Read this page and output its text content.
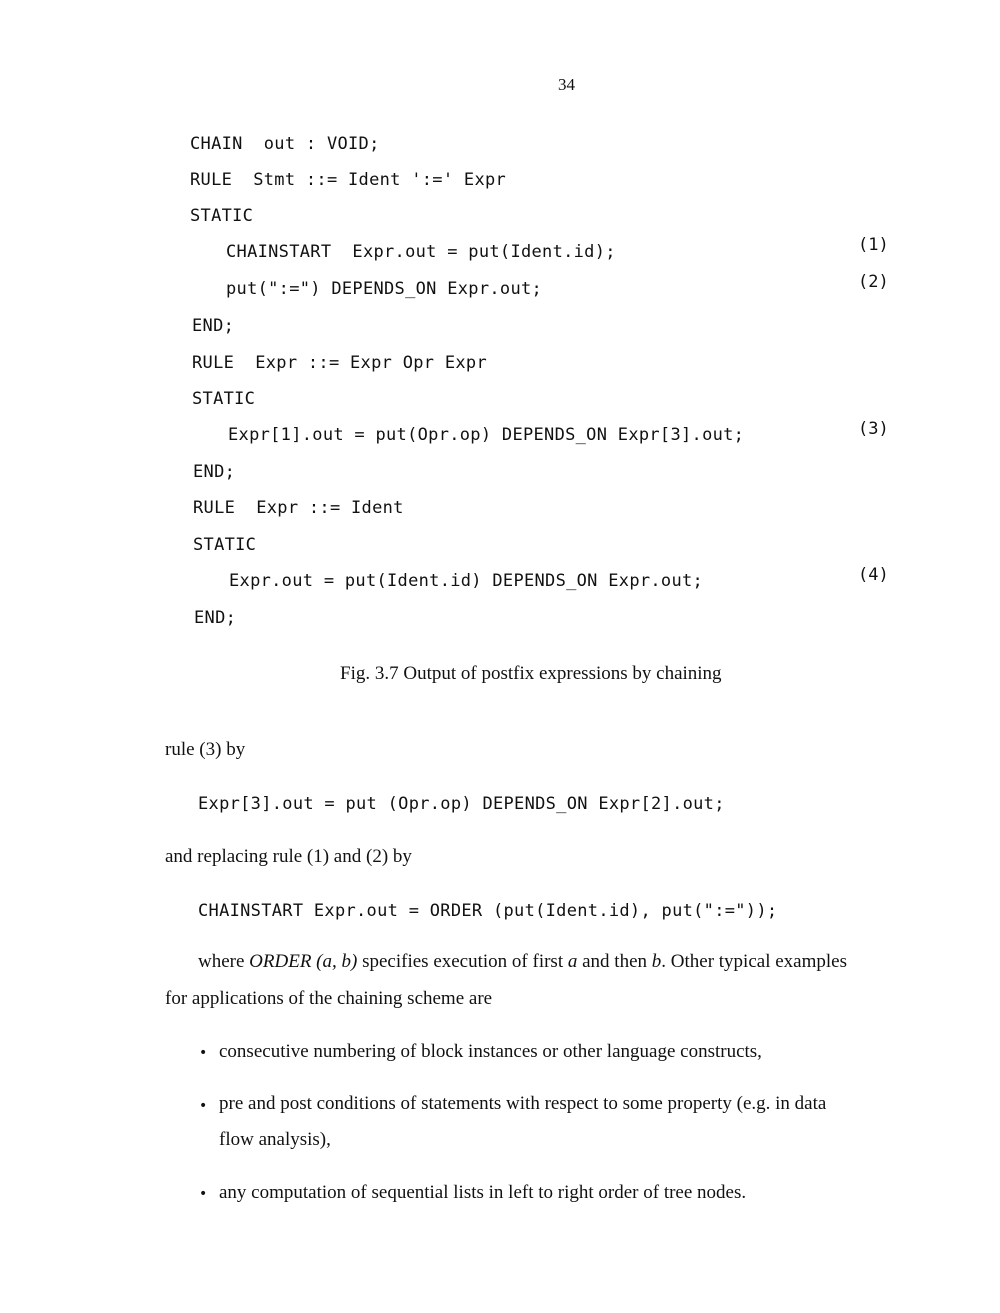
34
CHAIN  out : VOID;
RULE  Stmt ::= Ident ':=' Expr
STATIC
CHAINSTART  Expr.out = put(Ident.id);
put(":=") DEPENDS_ON Expr.out;
END;
RULE  Expr ::= Expr Opr Expr
STATIC
Expr[1].out = put(Opr.op) DEPENDS_ON Expr[3].out;
END;
RULE  Expr ::= Ident
STATIC
Expr.out = put(Ident.id) DEPENDS_ON Expr.out;
END;
(1)
(2)
(3)
(4)
Fig. 3.7 Output of postfix expressions by chaining
rule (3) by
Expr[3].out = put (Opr.op) DEPENDS_ON Expr[2].out;
and replacing rule (1) and (2) by
CHAINSTART Expr.out = ORDER (put(Ident.id), put(":="));
where ORDER (a, b) specifies execution of first a and then b. Other typical examples
for applications of the chaining scheme are
• consecutive numbering of block instances or other language constructs,
• pre and post conditions of statements with respect to some property (e.g. in data
flow analysis),
• any computation of sequential lists in left to right order of tree nodes.
